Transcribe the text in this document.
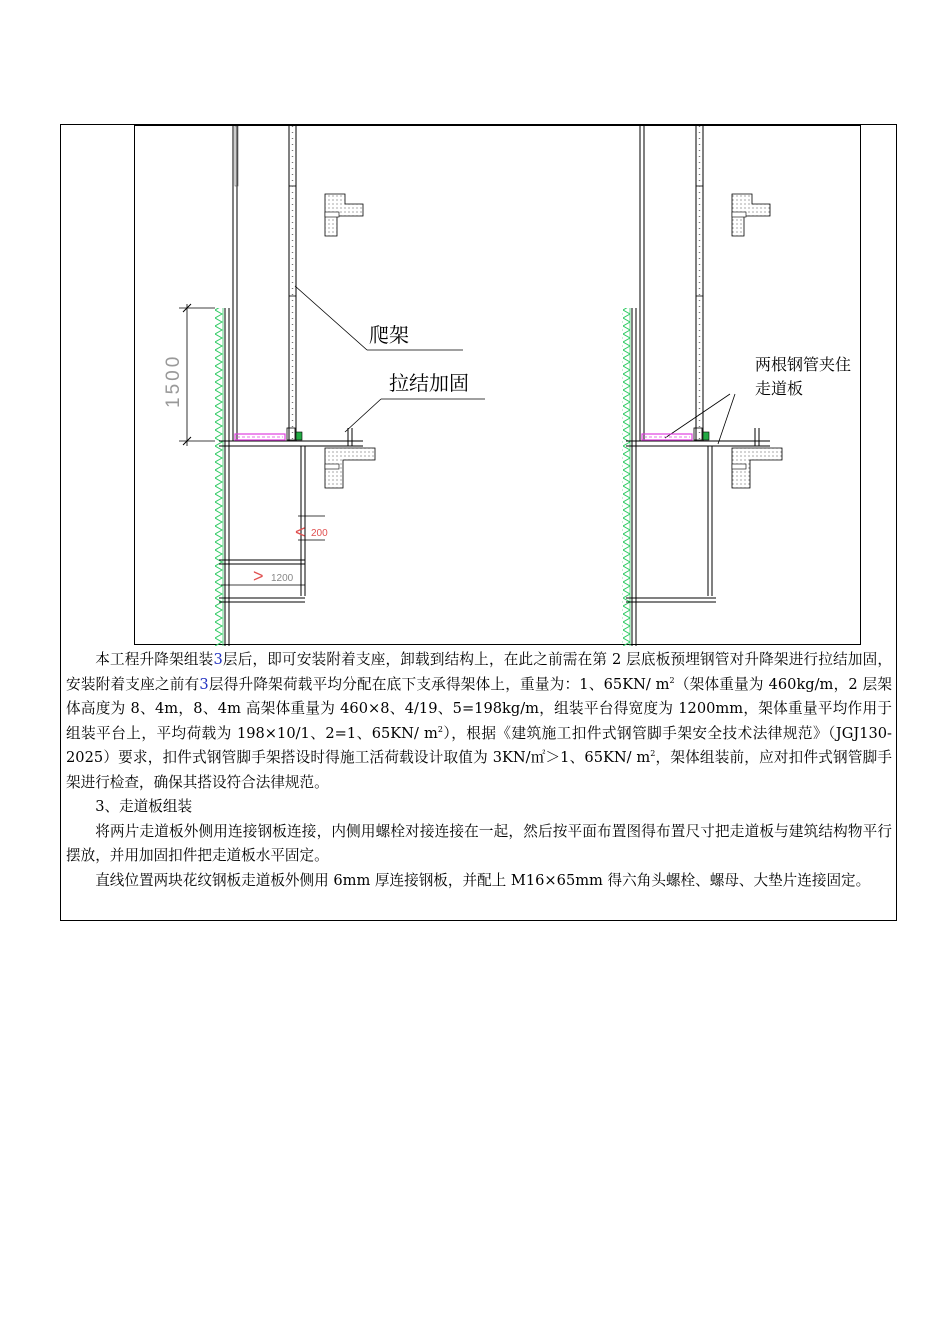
爬架
拉结加固
1500	两根钢管夹住
走道板
< 200
> 1200

本工程升降架组装3层后，即可安装附着支座，卸载到结构上，在此之前需在第 2 层底板预埋钢管对升降架进行拉结加固，安装附着支座之前有3层得升降架荷载平均分配在底下支承得架体上，重量为：1、65KN/ $m^2$（架体重量为 460kg/m，2 层架体高度为 8、4m，8、4m 高架体重量为 460×8、4/19、5=198kg/m，组装平台得宽度为 1200mm，架体重量平均作用于组装平台上，平均荷载为 198×10/1、2=1、65KN/ $m^2$），根据《建筑施工扣件式钢管脚手架安全技术法律规范》（JGJ130-2025）要求，扣件式钢管脚手架搭设时得施工活荷载设计取值为 3KN/㎡＞1、65KN/ $m^2$，架体组装前，应对扣件式钢管脚手架进行检查，确保其搭设符合法律规范。

3、走道板组装

将两片走道板外侧用连接钢板连接，内侧用螺栓对接连接在一起，然后按平面布置图得布置尺寸把走道板与建筑结构物平行摆放，并用加固扣件把走道板水平固定。

直线位置两块花纹钢板走道板外侧用 6mm 厚连接钢板，并配上 M16×65mm 得六角头螺栓、螺母、大垫片连接固定。
